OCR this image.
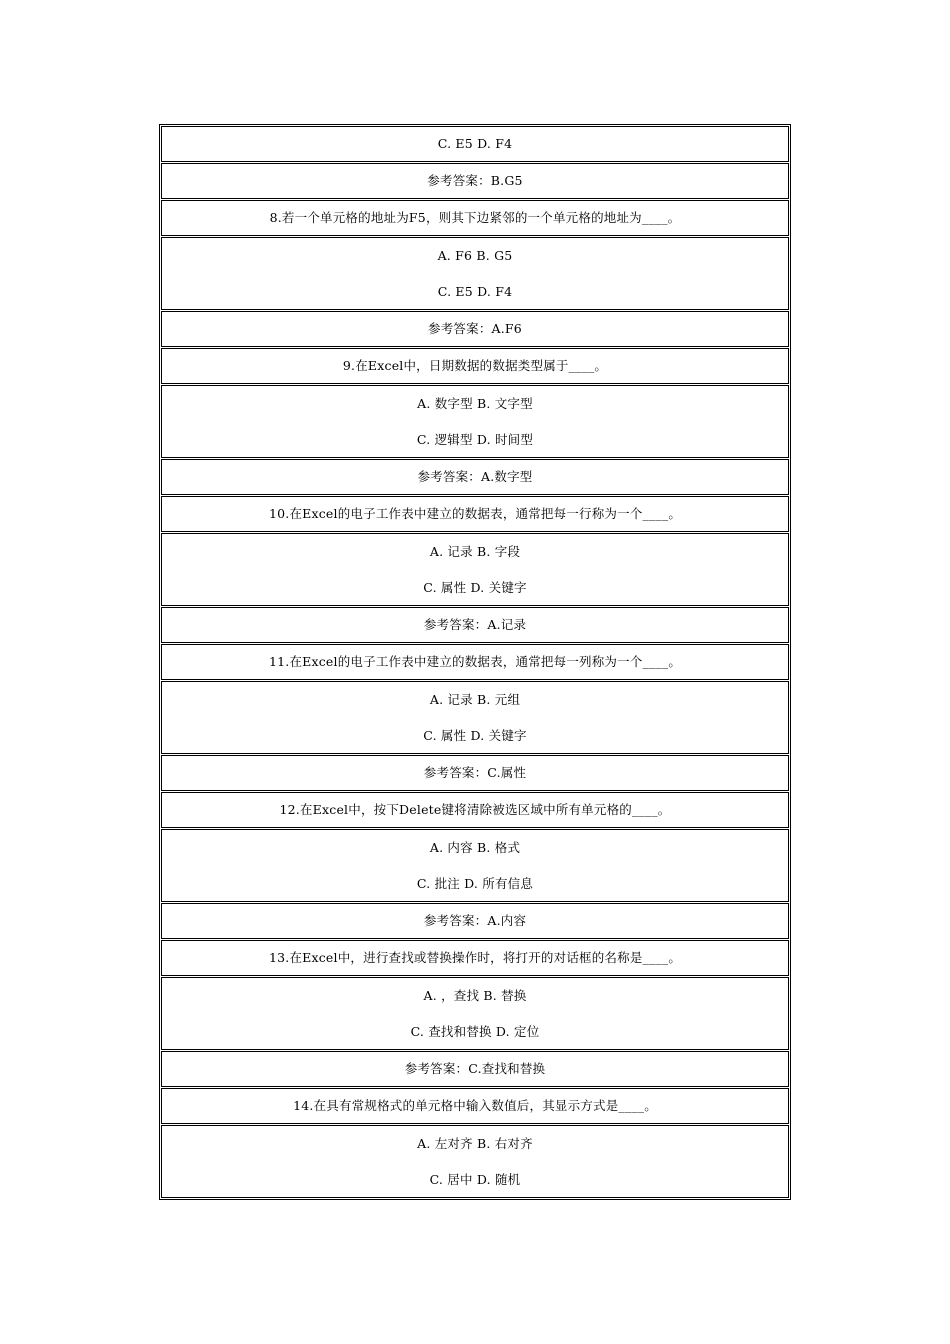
C. E5 D. F4
参考答案：B.G5
8.若一个单元格的地址为F5，则其下边紧邻的一个单元格的地址为____。
A. F6 B. G5
C. E5 D. F4
参考答案：A.F6
9.在Excel中，日期数据的数据类型属于____。
A. 数字型 B. 文字型
C. 逻辑型 D. 时间型
参考答案：A.数字型
10.在Excel的电子工作表中建立的数据表，通常把每一行称为一个____。
A. 记录 B. 字段
C. 属性 D. 关键字
参考答案：A.记录
11.在Excel的电子工作表中建立的数据表，通常把每一列称为一个____。
A. 记录 B. 元组
C. 属性 D. 关键字
参考答案：C.属性
12.在Excel中，按下Delete键将清除被选区域中所有单元格的____。
A. 内容 B. 格式
C. 批注 D. 所有信息
参考答案：A.内容
13.在Excel中，进行查找或替换操作时，将打开的对话框的名称是____。
A. ，查找 B. 替换
C. 查找和替换 D. 定位
参考答案：C.查找和替换
14.在具有常规格式的单元格中输入数值后，其显示方式是____。
A. 左对齐 B. 右对齐
C. 居中 D. 随机
